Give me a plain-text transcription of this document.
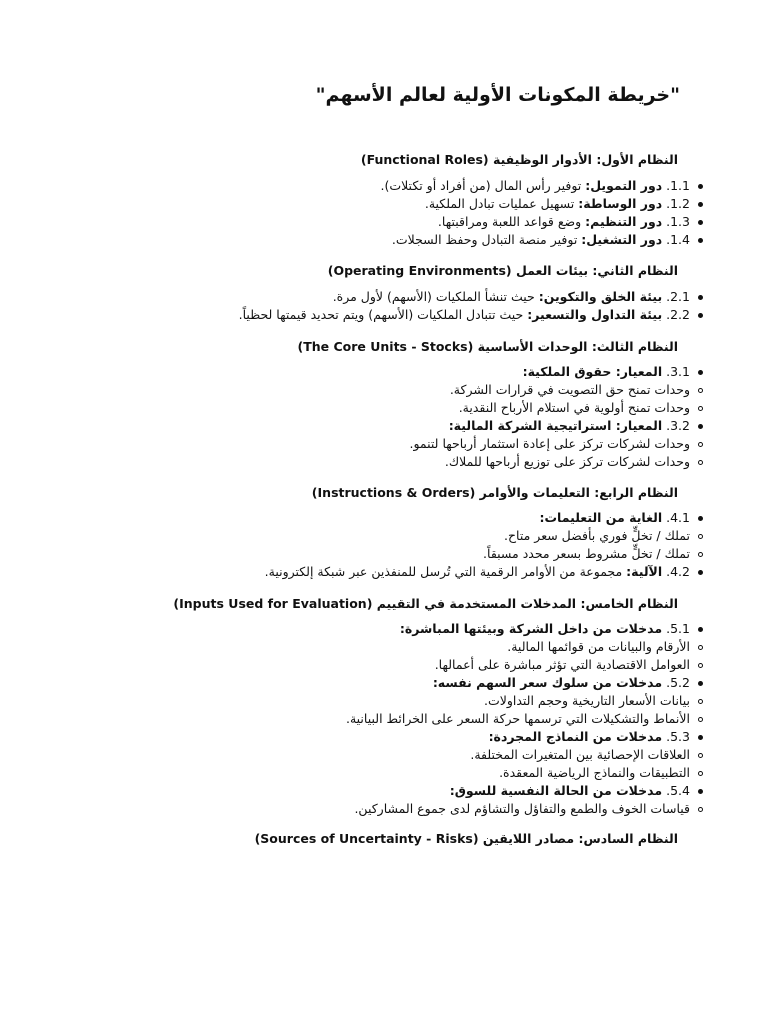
"خريطة المكونات الأولية لعالم الأسهم"
النظام الأول: الأدوار الوظيفية (Functional Roles)
1.1. دور التمويل: توفير رأس المال (من أفراد أو تكتلات).
1.2. دور الوساطة: تسهيل عمليات تبادل الملكية.
1.3. دور التنظيم: وضع قواعد اللعبة ومراقبتها.
1.4. دور التشغيل: توفير منصة التبادل وحفظ السجلات.
النظام الثاني: بيئات العمل (Operating Environments)
2.1. بيئة الخلق والتكوين: حيث تنشأ الملكيات (الأسهم) لأول مرة.
2.2. بيئة التداول والتسعير: حيث تتبادل الملكيات (الأسهم) ويتم تحديد قيمتها لحظياً.
النظام الثالث: الوحدات الأساسية (The Core Units - Stocks)
3.1. المعيار: حقوق الملكية:
وحدات تمنح حق التصويت في قرارات الشركة.
وحدات تمنح أولوية في استلام الأرباح النقدية.
3.2. المعيار: استراتيجية الشركة المالية:
وحدات لشركات تركز على إعادة استثمار أرباحها لتنمو.
وحدات لشركات تركز على توزيع أرباحها للملاك.
النظام الرابع: التعليمات والأوامر (Instructions & Orders)
4.1. الغاية من التعليمات:
تملك / تخلٍّ فوري بأفضل سعر متاح.
تملك / تخلٍّ مشروط بسعر محدد مسبقاً.
4.2. الآلية: مجموعة من الأوامر الرقمية التي تُرسل للمنفذين عبر شبكة إلكترونية.
النظام الخامس: المدخلات المستخدمة في التقييم (Inputs Used for Evaluation)
5.1. مدخلات من داخل الشركة وبيئتها المباشرة:
الأرقام والبيانات من قوائمها المالية.
العوامل الاقتصادية التي تؤثر مباشرة على أعمالها.
5.2. مدخلات من سلوك سعر السهم نفسه:
بيانات الأسعار التاريخية وحجم التداولات.
الأنماط والتشكيلات التي ترسمها حركة السعر على الخرائط البيانية.
5.3. مدخلات من النماذج المجردة:
العلاقات الإحصائية بين المتغيرات المختلفة.
التطبيقات والنماذج الرياضية المعقدة.
5.4. مدخلات من الحالة النفسية للسوق:
قياسات الخوف والطمع والتفاؤل والتشاؤم لدى جموع المشاركين.
النظام السادس: مصادر اللايقين (Sources of Uncertainty - Risks)
